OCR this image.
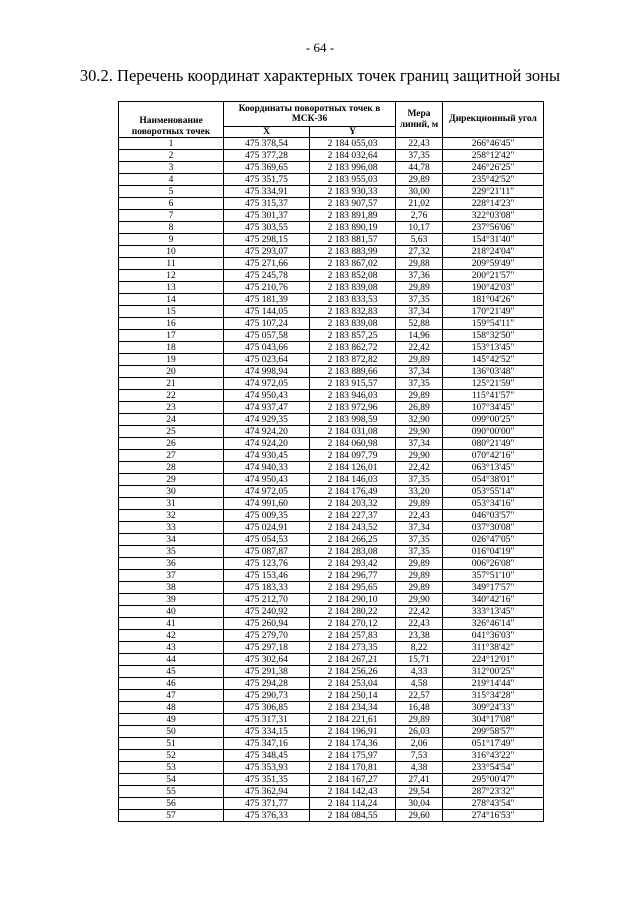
- 64 -
30.2. Перечень координат характерных точек границ защитной зоны
Наименование поворотных точек	Координаты поворотных точек в МСК-36		Мера линий, м	Дирекционный угол
	X	Y		
1	475 378,54	2 184 055,03	22,43	266°46'45"
2	475 377,28	2 184 032,64	37,35	258°12'42"
3	475 369,65	2 183 996,08	44,78	246°26'25"
4	475 351,75	2 183 955,03	29,89	235°42'52"
5	475 334,91	2 183 930,33	30,00	229°21'11"
6	475 315,37	2 183 907,57	21,02	228°14'23"
7	475 301,37	2 183 891,89	2,76	322°03'08"
8	475 303,55	2 183 890,19	10,17	237°56'06"
9	475 298,15	2 183 881,57	5,63	154°31'40"
10	475 293,07	2 183 883,99	27,32	218°24'04"
11	475 271,66	2 183 867,02	29,88	209°59'49"
12	475 245,78	2 183 852,08	37,36	200°21'57"
13	475 210,76	2 183 839,08	29,89	190°42'03"
14	475 181,39	2 183 833,53	37,35	181°04'26"
15	475 144,05	2 183 832,83	37,34	170°21'49"
16	475 107,24	2 183 839,08	52,88	159°54'11"
17	475 057,58	2 183 857,25	14,96	158°32'50"
18	475 043,66	2 183 862,72	22,42	153°13'45"
19	475 023,64	2 183 872,82	29,89	145°42'52"
20	474 998,94	2 183 889,66	37,34	136°03'48"
21	474 972,05	2 183 915,57	37,35	125°21'59"
22	474 950,43	2 183 946,03	29,89	115°41'57"
23	474 937,47	2 183 972,96	26,89	107°34'45"
24	474 929,35	2 183 998,59	32,90	099°00'25"
25	474 924,20	2 184 031,08	29,90	090°00'00"
26	474 924,20	2 184 060,98	37,34	080°21'49"
27	474 930,45	2 184 097,79	29,90	070°42'16"
28	474 940,33	2 184 126,01	22,42	063°13'45"
29	474 950,43	2 184 146,03	37,35	054°38'01"
30	474 972,05	2 184 176,49	33,20	053°55'14"
31	474 991,60	2 184 203,32	29,89	053°34'16"
32	475 009,35	2 184 227,37	22,43	046°03'57"
33	475 024,91	2 184 243,52	37,34	037°30'08"
34	475 054,53	2 184 266,25	37,35	026°47'05"
35	475 087,87	2 184 283,08	37,35	016°04'19"
36	475 123,76	2 184 293,42	29,89	006°26'08"
37	475 153,46	2 184 296,77	29,89	357°51'10"
38	475 183,33	2 184 295,65	29,89	349°17'57"
39	475 212,70	2 184 290,10	29,90	340°42'16"
40	475 240,92	2 184 280,22	22,42	333°13'45"
41	475 260,94	2 184 270,12	22,43	326°46'14"
42	475 279,70	2 184 257,83	23,38	041°36'03"
43	475 297,18	2 184 273,35	8,22	311°38'42"
44	475 302,64	2 184 267,21	15,71	224°12'01"
45	475 291,38	2 184 256,26	4,33	312°00'25"
46	475 294,28	2 184 253,04	4,58	219°14'44"
47	475 290,73	2 184 250,14	22,57	315°34'28"
48	475 306,85	2 184 234,34	16,48	309°24'33"
49	475 317,31	2 184 221,61	29,89	304°17'08"
50	475 334,15	2 184 196,91	26,03	299°58'57"
51	475 347,16	2 184 174,36	2,06	051°17'49"
52	475 348,45	2 184 175,97	7,53	316°43'22"
53	475 353,93	2 184 170,81	4,38	233°54'54"
54	475 351,35	2 184 167,27	27,41	295°00'47"
55	475 362,94	2 184 142,43	29,54	287°23'32"
56	475 371,77	2 184 114,24	30,04	278°43'54"
57	475 376,33	2 184 084,55	29,60	274°16'53"
